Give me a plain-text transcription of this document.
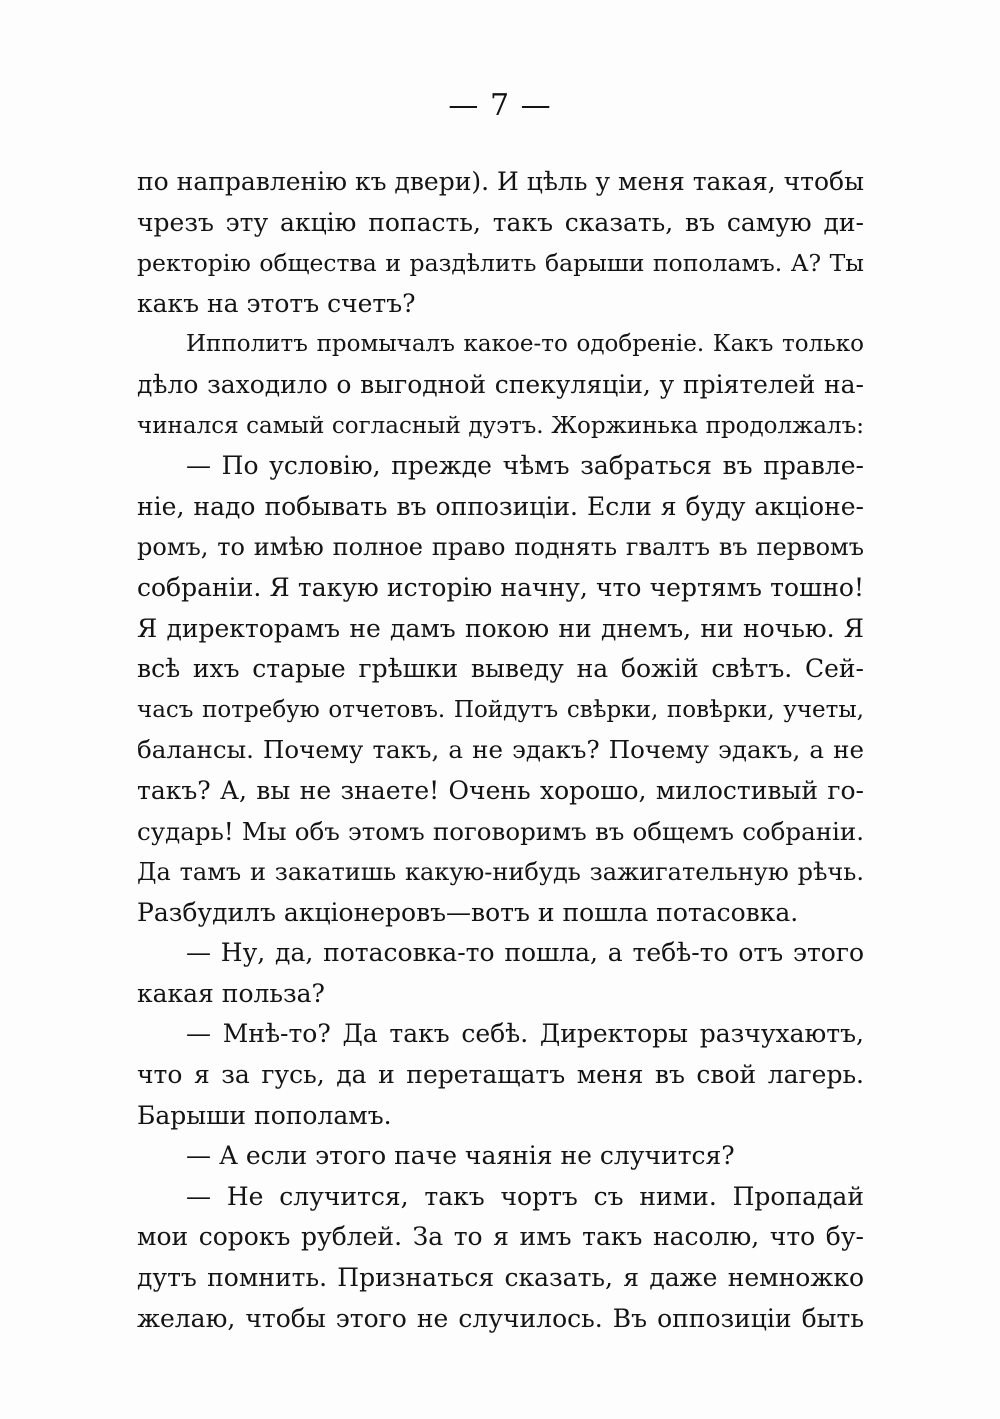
— 7 —
по направленію къ двери). И цѣль у меня такая, чтобы
чрезъ эту акцію попасть, такъ сказать, въ самую ди-
ректорію общества и раздѣлить барыши пополамъ. А? Ты
какъ на этотъ счетъ?
Ипполитъ промычалъ какое-то одобреніе. Какъ только
дѣло заходило о выгодной спекуляціи, у пріятелей на-
чинался самый согласный дуэтъ. Жоржинька продолжалъ:
— По условію, прежде чѣмъ забраться въ правле-
ніе, надо побывать въ оппозиціи. Если я буду акціоне-
ромъ, то имѣю полное право поднять гвалтъ въ первомъ
собраніи. Я такую исторію начну, что чертямъ тошно!
Я директорамъ не дамъ покою ни днемъ, ни ночью. Я
всѣ ихъ старые грѣшки выведу на божій свѣтъ. Сей-
часъ потребую отчетовъ. Пойдутъ свѣрки, повѣрки, учеты,
балансы. Почему такъ, а не эдакъ? Почему эдакъ, а не
такъ? А, вы не знаете! Очень хорошо, милостивый го-
сударь! Мы объ этомъ поговоримъ въ общемъ собраніи.
Да тамъ и закатишь какую-нибудь зажигательную рѣчь.
Разбудилъ акціонеровъ—вотъ и пошла потасовка.
— Ну, да, потасовка-то пошла, а тебѣ-то отъ этого
какая польза?
— Мнѣ-то? Да такъ себѣ. Директоры разчухаютъ,
что я за гусь, да и перетащатъ меня въ свой лагерь.
Барыши пополамъ.
— А если этого паче чаянія не случится?
— Не случится, такъ чортъ съ ними. Пропадай
мои сорокъ рублей. За то я имъ такъ насолю, что бу-
дутъ помнить. Признаться сказать, я даже немножко
желаю, чтобы этого не случилось. Въ оппозиціи быть
